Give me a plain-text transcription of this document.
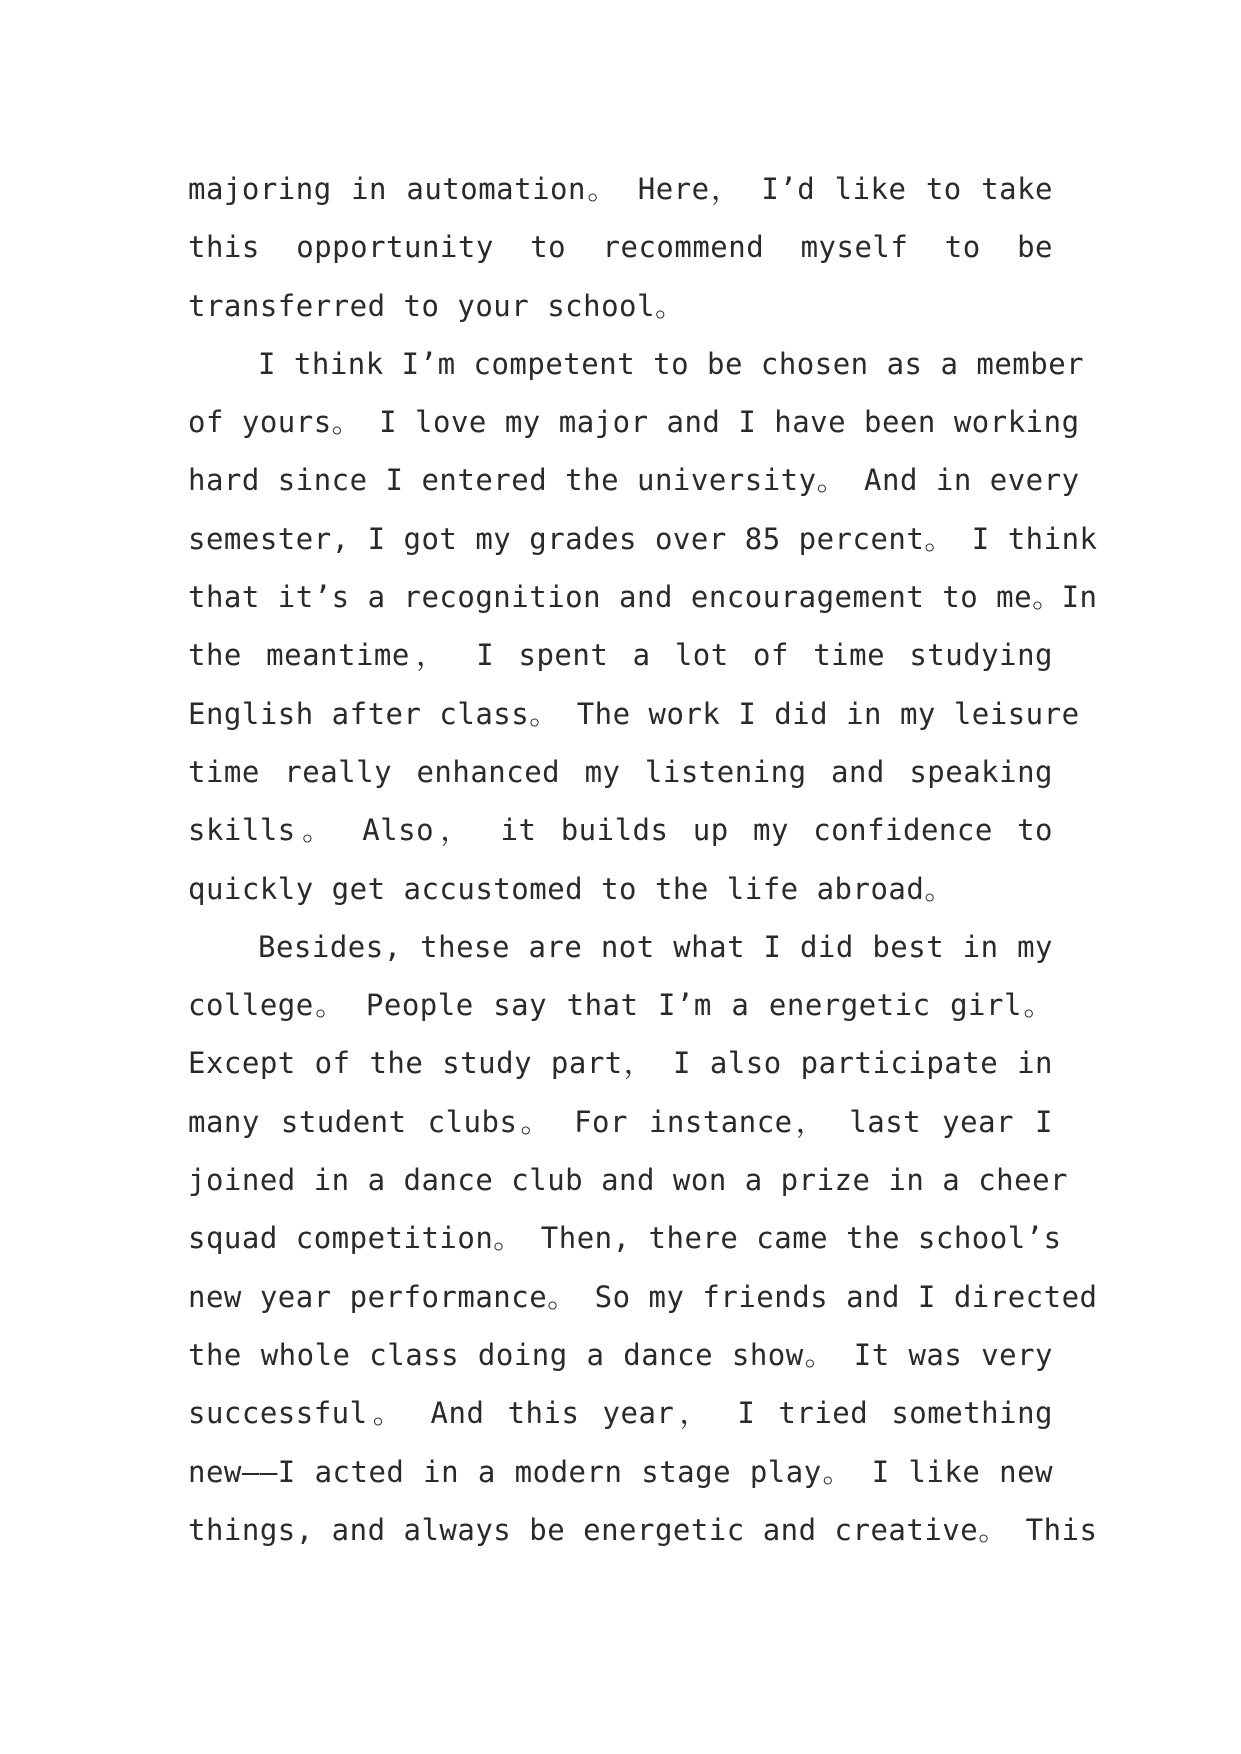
majoring in automation。 Here， I’d like to take
this opportunity to recommend myself to be
transferred to your school。
I think I’m competent to be chosen as a member
of yours。 I love my major and I have been working
hard since I entered the university。 And in every
semester, I got my grades over 85 percent。 I think
that it’s a recognition and encouragement to me。In
the meantime， I spent a lot of time studying
English after class。 The work I did in my leisure
time really enhanced my listening and speaking
skills。 Also， it builds up my confidence to
quickly get accustomed to the life abroad。
Besides, these are not what I did best in my
college。 People say that I’m a energetic girl。
Except of the study part， I also participate in
many student clubs。 For instance， last year I
joined in a dance club and won a prize in a cheer
squad competition。 Then, there came the school’s
new year performance。 So my friends and I directed
the whole class doing a dance show。 It was very
successful。 And this year， I tried something
new——I acted in a modern stage play。 I like new
things, and always be energetic and creative。 This
